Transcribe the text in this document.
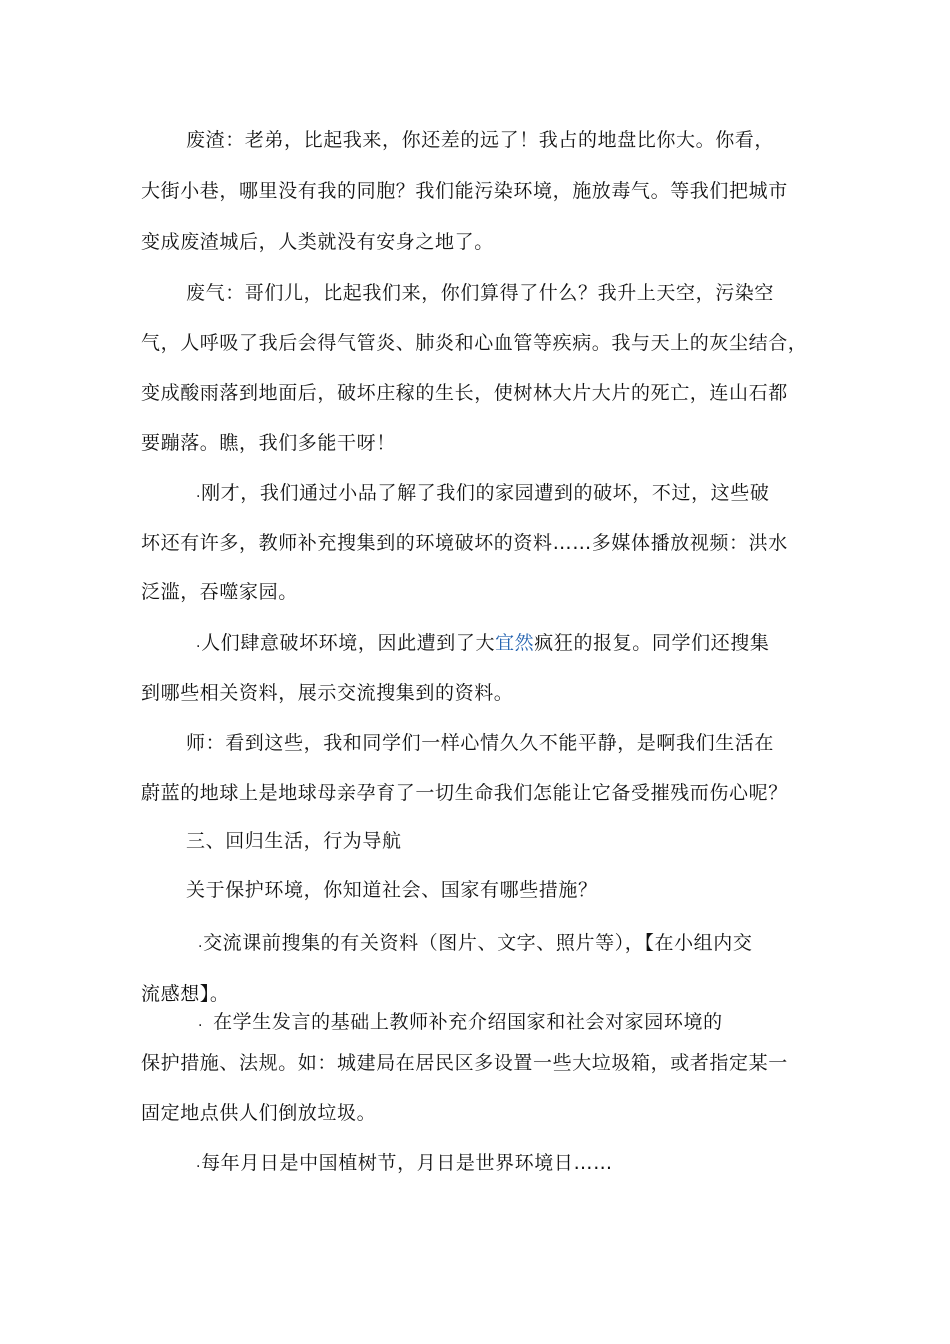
废渣：老弟，比起我来，你还差的远了！我占的地盘比你大。你看，
大街小巷，哪里没有我的同胞？我们能污染环境，施放毒气。等我们把城市
变成废渣城后，人类就没有安身之地了。
废气：哥们儿，比起我们来，你们算得了什么？我升上天空，污染空
气，人呼吸了我后会得气管炎、肺炎和心血管等疾病。我与天上的灰尘结合，
变成酸雨落到地面后，破坏庄稼的生长，使树林大片大片的死亡，连山石都
要蹦落。瞧，我们多能干呀！
.刚才，我们通过小品了解了我们的家园遭到的破坏，不过，这些破
坏还有许多，教师补充搜集到的环境破坏的资料……多媒体播放视频：洪水
泛滥，吞噬家园。
.人们肆意破坏环境，因此遭到了大宜然疯狂的报复。同学们还搜集
到哪些相关资料，展示交流搜集到的资料。
师：看到这些，我和同学们一样心情久久不能平静，是啊我们生活在
蔚蓝的地球上是地球母亲孕育了一切生命我们怎能让它备受摧残而伤心呢？
三、回归生活，行为导航
关于保护环境，你知道社会、国家有哪些措施？
.交流课前搜集的有关资料（图片、文字、照片等），【在小组内交
流感想】。
. 在学生发言的基础上教师补充介绍国家和社会对家园环境的
保护措施、法规。如：城建局在居民区多设置一些大垃圾箱，或者指定某一
固定地点供人们倒放垃圾。
.每年月日是中国植树节，月日是世界环境日……
